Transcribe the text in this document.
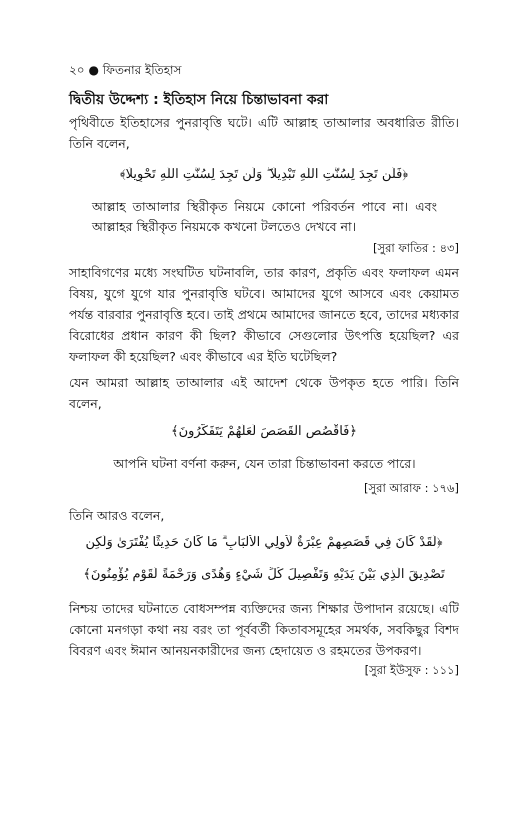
২০ ● ফিতনার ইতিহাস
দ্বিতীয় উদ্দেশ্য : ইতিহাস নিয়ে চিন্তাভাবনা করা
পৃথিবীতে ইতিহাসের পুনরাবৃত্তি ঘটে। এটি আল্লাহ তাআলার অবধারিত রীতি। তিনি বলেন,
﴿فَلَن تَجِدَ لِسُنَّتِ اللَّهِ تَبْدِيلًا ۖ وَلَن تَجِدَ لِسُنَّتِ اللَّهِ تَحْوِيلًا﴾
আল্লাহ তাআলার স্থিরীকৃত নিয়মে কোনো পরিবর্তন পাবে না। এবং আল্লাহর স্থিরীকৃত নিয়মকে কখনো টলতেও দেখবে না।
[সুরা ফাতির : ৪৩]
সাহাবিগণের মধ্যে সংঘটিত ঘটনাবলি, তার কারণ, প্রকৃতি এবং ফলাফল এমন বিষয়, যুগে যুগে যার পুনরাবৃত্তি ঘটবে। আমাদের যুগে আসবে এবং কেয়ামত পর্যন্ত বারবার পুনরাবৃত্তি হবে। তাই প্রথমে আমাদের জানতে হবে, তাদের মধ্যকার বিরোধের প্রধান কারণ কী ছিল? কীভাবে সেগুলোর উৎপত্তি হয়েছিল? এর ফলাফল কী হয়েছিল? এবং কীভাবে এর ইতি ঘটেছিল?
যেন আমরা আল্লাহ তাআলার এই আদেশ থেকে উপকৃত হতে পারি। তিনি বলেন,
﴿فَاقْصُصِ الْقَصَصَ لَعَلَّهُمْ يَتَفَكَّرُونَ﴾
আপনি ঘটনা বর্ণনা করুন, যেন তারা চিন্তাভাবনা করতে পারে।
[সুরা আরাফ : ১৭৬]
তিনি আরও বলেন,
﴿لَقَدْ كَانَ فِي قَصَصِهِمْ عِبْرَةٌ لِّأُولِي الْأَلْبَابِ ۗ مَا كَانَ حَدِيثًا يُفْتَرَىٰ وَلَٰكِن
تَصْدِيقَ الَّذِي بَيْنَ يَدَيْهِ وَتَفْصِيلَ كُلِّ شَيْءٍ وَهُدًى وَرَحْمَةً لِّقَوْمٍ يُؤْمِنُونَ﴾
নিশ্চয় তাদের ঘটনাতে বোধসম্পন্ন ব্যক্তিদের জন্য শিক্ষার উপাদান রয়েছে। এটি কোনো মনগড়া কথা নয় বরং তা পূর্ববর্তী কিতাবসমূহের সমর্থক, সবকিছুর বিশদ বিবরণ এবং ঈমান আনয়নকারীদের জন্য হেদায়েত ও রহমতের উপকরণ।
[সুরা ইউসুফ : ১১১]
